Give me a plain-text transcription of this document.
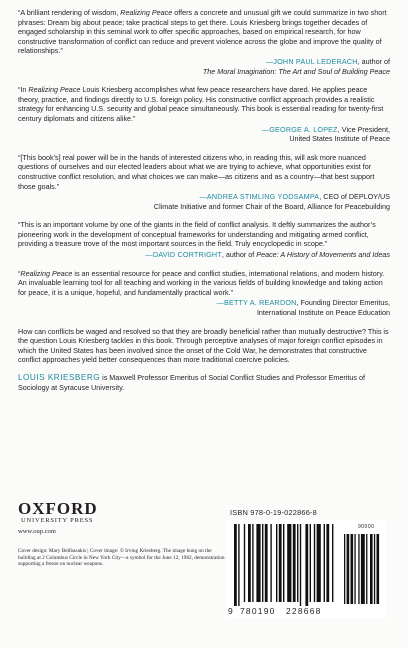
“A brilliant rendering of wisdom, Realizing Peace offers a concrete and unusual gift we could summarize in two short phrases: Dream big about peace; take practical steps to get there. Louis Kriesberg brings together decades of engaged scholarship in this seminal work to offer specific approaches, based on empirical research, for how constructive transformation of conflict can reduce and prevent violence across the globe and improve the quality of relationships.”

—JOHN PAUL LEDERACH, author of
The Moral Imagination: The Art and Soul of Building Peace

“In Realizing Peace Louis Kriesberg accomplishes what few peace researchers have dared. He applies peace theory, practice, and findings directly to U.S. foreign policy. His constructive conflict approach provides a realistic strategy for enhancing U.S. security and global peace simultaneously. This book is essential reading for twenty-first century diplomats and citizens alike.”

—GEORGE A. LOPEZ, Vice President,
United States Institute of Peace

“[This book’s] real power will be in the hands of interested citizens who, in reading this, will ask more nuanced questions of ourselves and our elected leaders about what we are trying to achieve, what opportunities exist for constructive conflict resolution, and what choices we can make—as citizens and as a country—that best support those goals.”

—ANDREA STIMLING YODSAMPA, CEO of DEPLOY/US
Climate Initiative and former Chair of the Board, Alliance for Peacebuilding

“This is an important volume by one of the giants in the field of conflict analysis. It deftly summarizes the author’s pioneering work in the development of conceptual frameworks for understanding and mitigating armed conflict, providing a treasure trove of the most important sources in the field. Truly encyclopedic in scope.”

—DAVID CORTRIGHT, author of Peace: A History of Movements and Ideas

“Realizing Peace is an essential resource for peace and conflict studies, international relations, and modern history. An invaluable learning tool for all teaching and working in the various fields of building knowledge and taking action for peace, it is a unique, hopeful, and fundamentally practical work.”

—BETTY A. REARDON, Founding Director Emeritus,
International Institute on Peace Education

How can conflicts be waged and resolved so that they are broadly beneficial rather than mutually destructive? This is the question Louis Kriesberg tackles in this book. Through perceptive analyses of major foreign conflict episodes in which the United States has been involved since the onset of the Cold War, he demonstrates that constructive conflict approaches yield better consequences than more traditional coercive policies.

LOUIS KRIESBERG is Maxwell Professor Emeritus of Social Conflict Studies and Professor Emeritus of Sociology at Syracuse University.

OXFORD

UNIVERSITY PRESS

www.oup.com
Cover design: Mary Belibasakis | Cover image: © Irving Kriesberg. The image hung on the building at 2 Columbus Circle in New York City—a symbol for the June 12, 1982, demonstration supporting a freeze on nuclear weapons.
ISBN 978-0-19-022866-8
9 780190 228668
90000
